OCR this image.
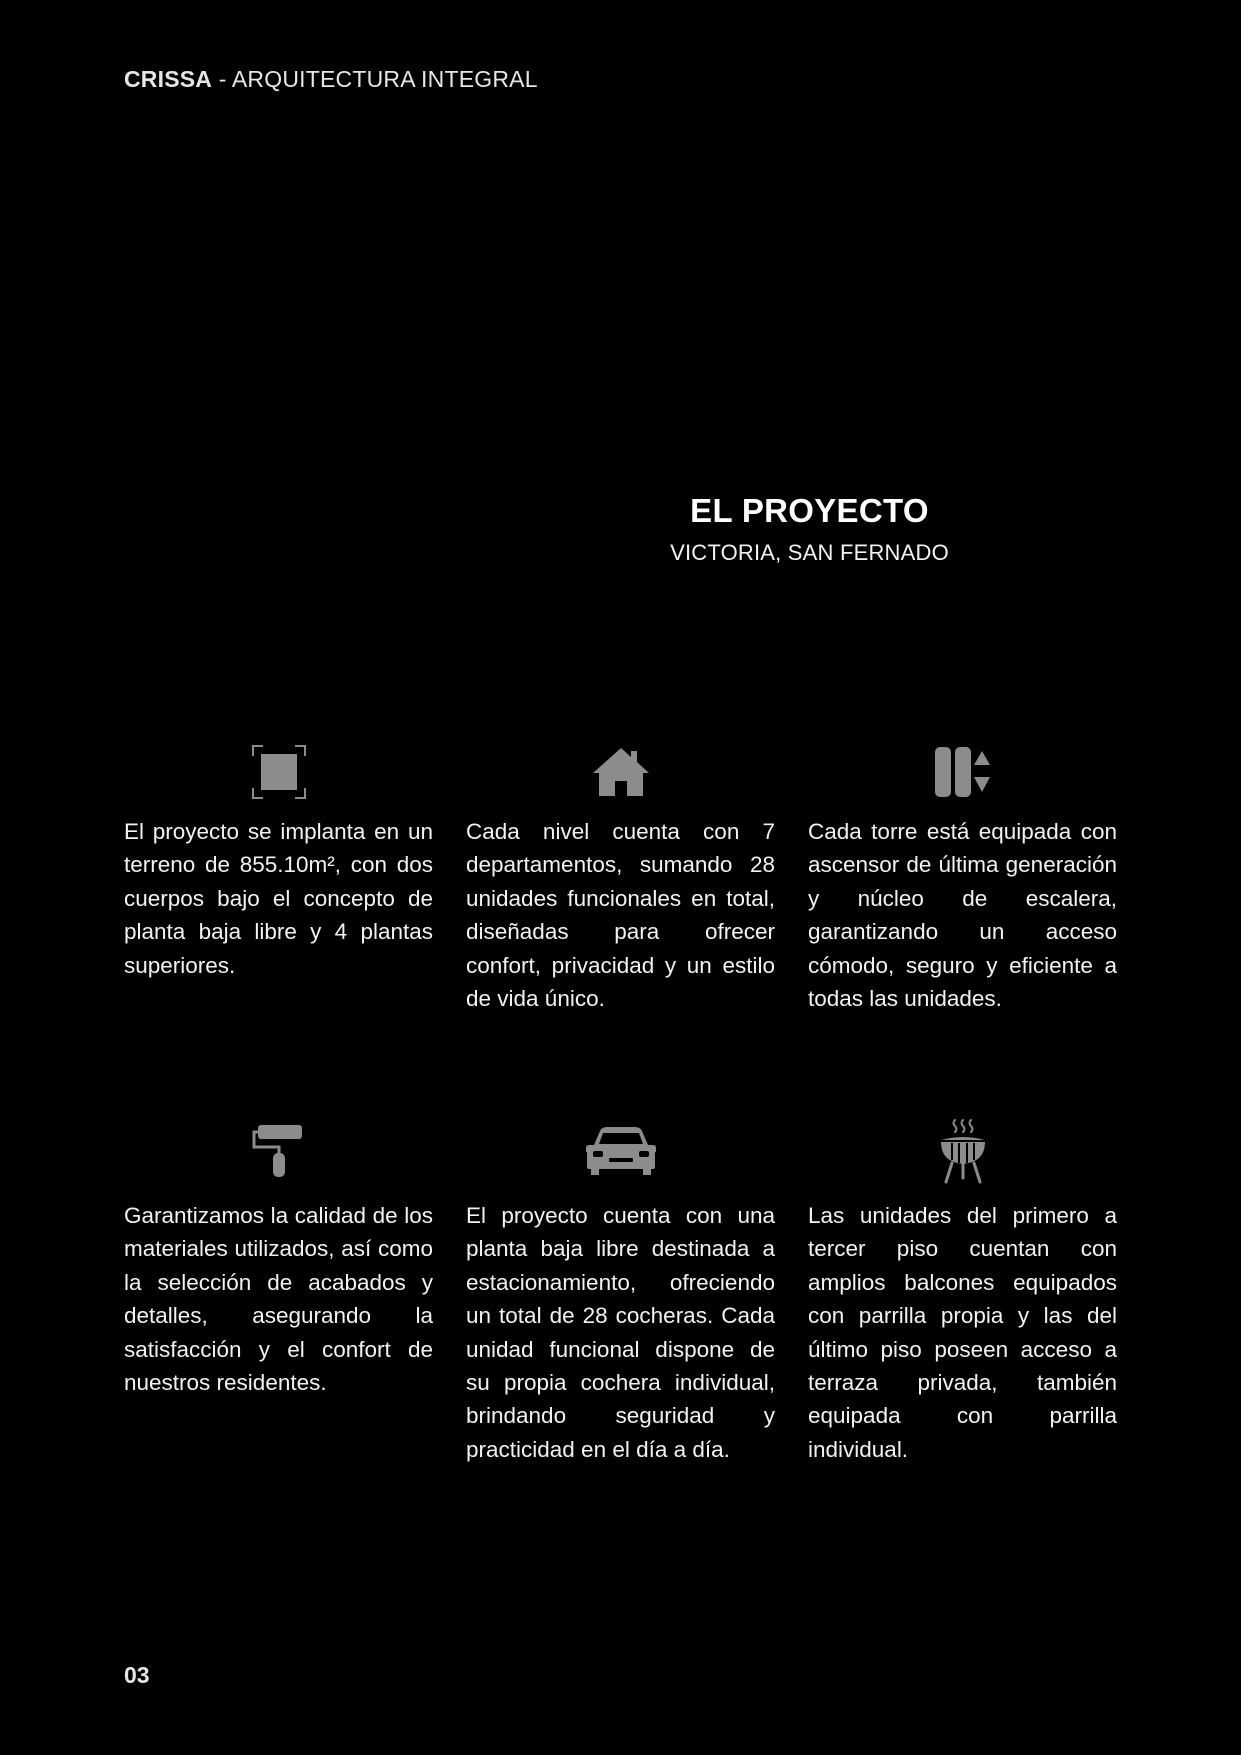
CRISSA - ARQUITECTURA INTEGRAL
EL PROYECTO
VICTORIA, SAN FERNADO
El proyecto se implanta en un terreno de 855.10m², con dos cuerpos bajo el concepto de planta baja libre y 4 plantas superiores.
Cada nivel cuenta con 7 departamentos, sumando 28 unidades funcionales en total, diseñadas para ofrecer confort, privacidad y un estilo de vida único.
Cada torre está equipada con ascensor de última generación y núcleo de escalera, garantizando un acceso cómodo, seguro y eficiente a todas las unidades.
Garantizamos la calidad de los materiales utilizados, así como la selección de acabados y detalles, asegurando la satisfacción y el confort de nuestros residentes.
El proyecto cuenta con una planta baja libre destinada a estacionamiento, ofreciendo un total de 28 cocheras. Cada unidad funcional dispone de su propia cochera individual, brindando seguridad y practicidad en el día a día.
Las unidades del primero a tercer piso cuentan con amplios balcones equipados con parrilla propia y las del último piso poseen acceso a terraza privada, también equipada con parrilla individual.
03
